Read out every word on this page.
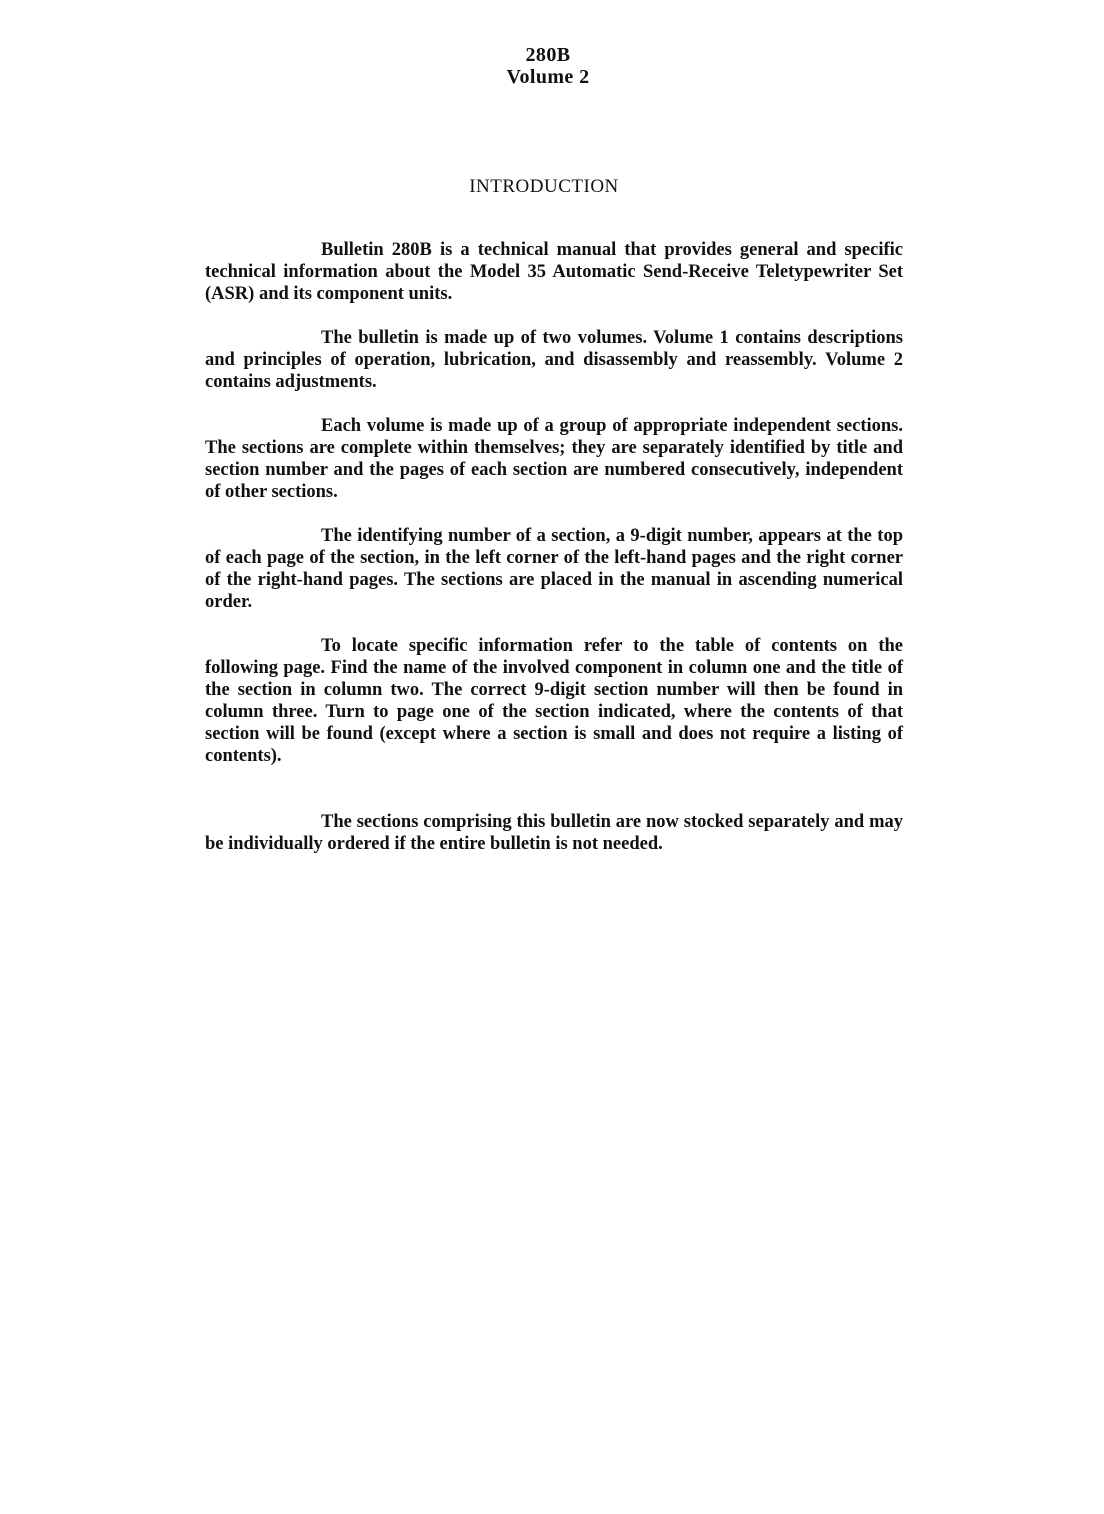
280B
Volume 2
INTRODUCTION

Bulletin 280B is a technical manual that provides general and specific technical information about the Model 35 Automatic Send-Receive Teletypewriter Set (ASR) and its component units.

The bulletin is made up of two volumes. Volume 1 contains descriptions and principles of operation, lubrication, and disassembly and reassembly. Volume 2 contains adjustments.

Each volume is made up of a group of appropriate independent sections. The sections are complete within themselves; they are separately identified by title and section number and the pages of each section are numbered consecutively, independent of other sections.

The identifying number of a section, a 9-digit number, appears at the top of each page of the section, in the left corner of the left-hand pages and the right corner of the right-hand pages. The sections are placed in the manual in ascending numerical order.

To locate specific information refer to the table of contents on the following page. Find the name of the involved component in column one and the title of the section in column two. The correct 9-digit section number will then be found in column three. Turn to page one of the section indicated, where the contents of that section will be found (except where a section is small and does not require a listing of contents).

The sections comprising this bulletin are now stocked separately and may be individually ordered if the entire bulletin is not needed.
